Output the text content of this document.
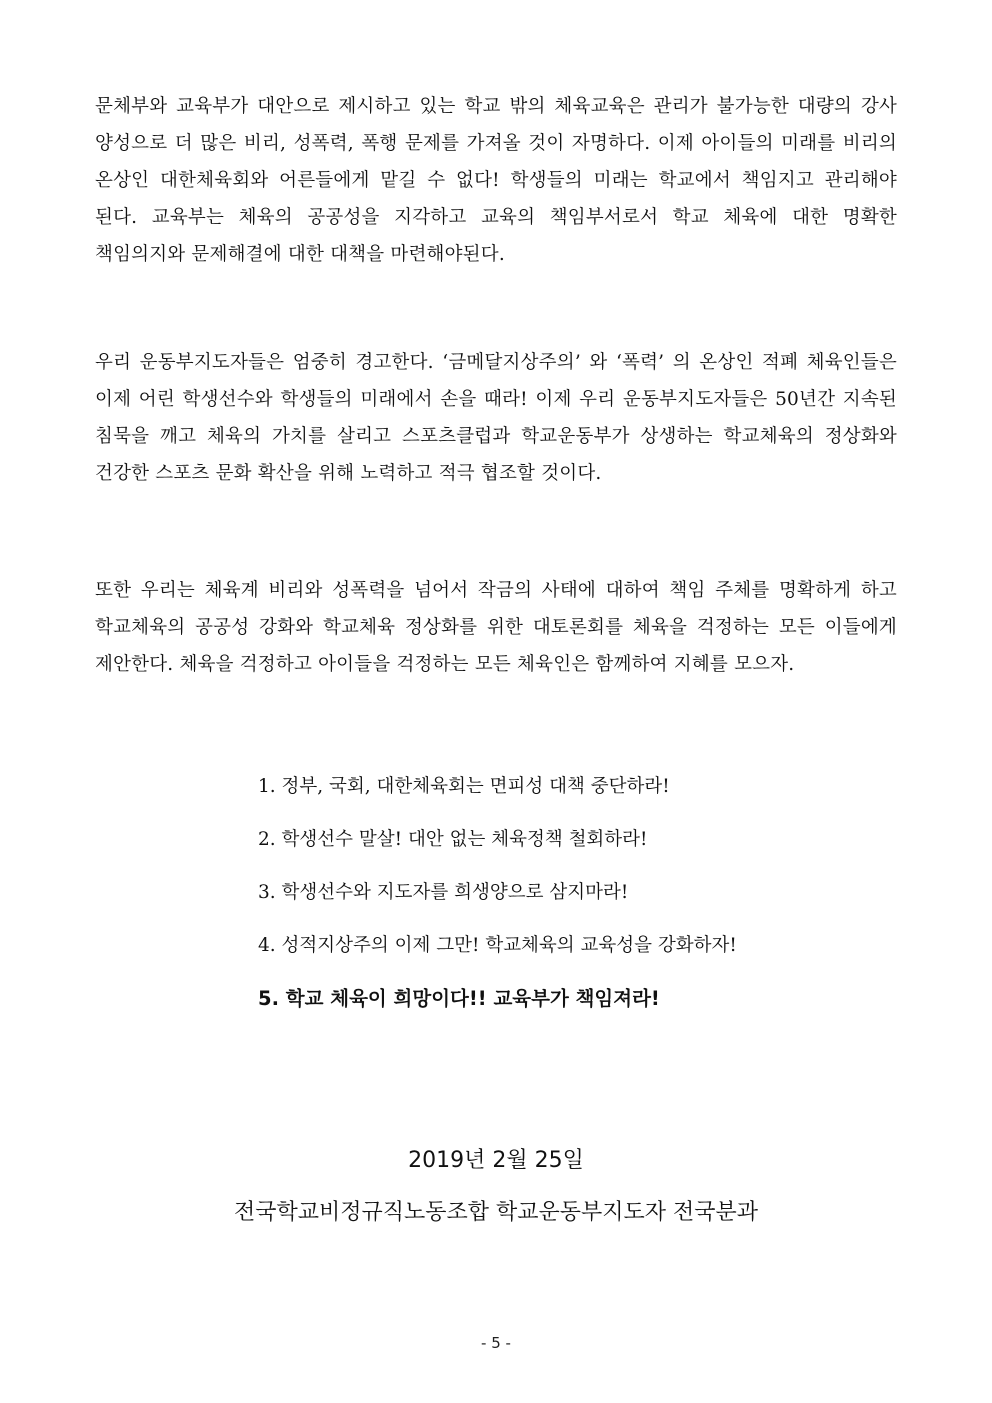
문체부와 교육부가 대안으로 제시하고 있는 학교 밖의 체육교육은 관리가 불가능한 대량의 강사 양성으로 더 많은 비리, 성폭력, 폭행 문제를 가져올 것이 자명하다. 이제 아이들의 미래를 비리의 온상인 대한체육회와 어른들에게 맡길 수 없다! 학생들의 미래는 학교에서 책임지고 관리해야 된다. 교육부는 체육의 공공성을 지각하고 교육의 책임부서로서 학교 체육에 대한 명확한 책임의지와 문제해결에 대한 대책을 마련해야된다.

우리 운동부지도자들은 엄중히 경고한다. ‘금메달지상주의’ 와 ‘폭력’ 의 온상인 적폐 체육인들은 이제 어린 학생선수와 학생들의 미래에서 손을 때라! 이제 우리 운동부지도자들은 50년간 지속된 침묵을 깨고 체육의 가치를 살리고 스포츠클럽과 학교운동부가 상생하는 학교체육의 정상화와 건강한 스포츠 문화 확산을 위해 노력하고 적극 협조할 것이다.

또한 우리는 체육계 비리와 성폭력을 넘어서 작금의 사태에 대하여 책임 주체를 명확하게 하고 학교체육의 공공성 강화와 학교체육 정상화를 위한 대토론회를 체육을 걱정하는 모든 이들에게 제안한다. 체육을 걱정하고 아이들을 걱정하는 모든 체육인은 함께하여 지혜를 모으자.

1. 정부, 국회, 대한체육회는 면피성 대책 중단하라!
2. 학생선수 말살! 대안 없는 체육정책 철회하라!
3. 학생선수와 지도자를 희생양으로 삼지마라!
4. 성적지상주의 이제 그만! 학교체육의 교육성을 강화하자!
5. 학교 체육이 희망이다!! 교육부가 책임져라!
2019년 2월 25일
전국학교비정규직노동조합 학교운동부지도자 전국분과
- 5 -
